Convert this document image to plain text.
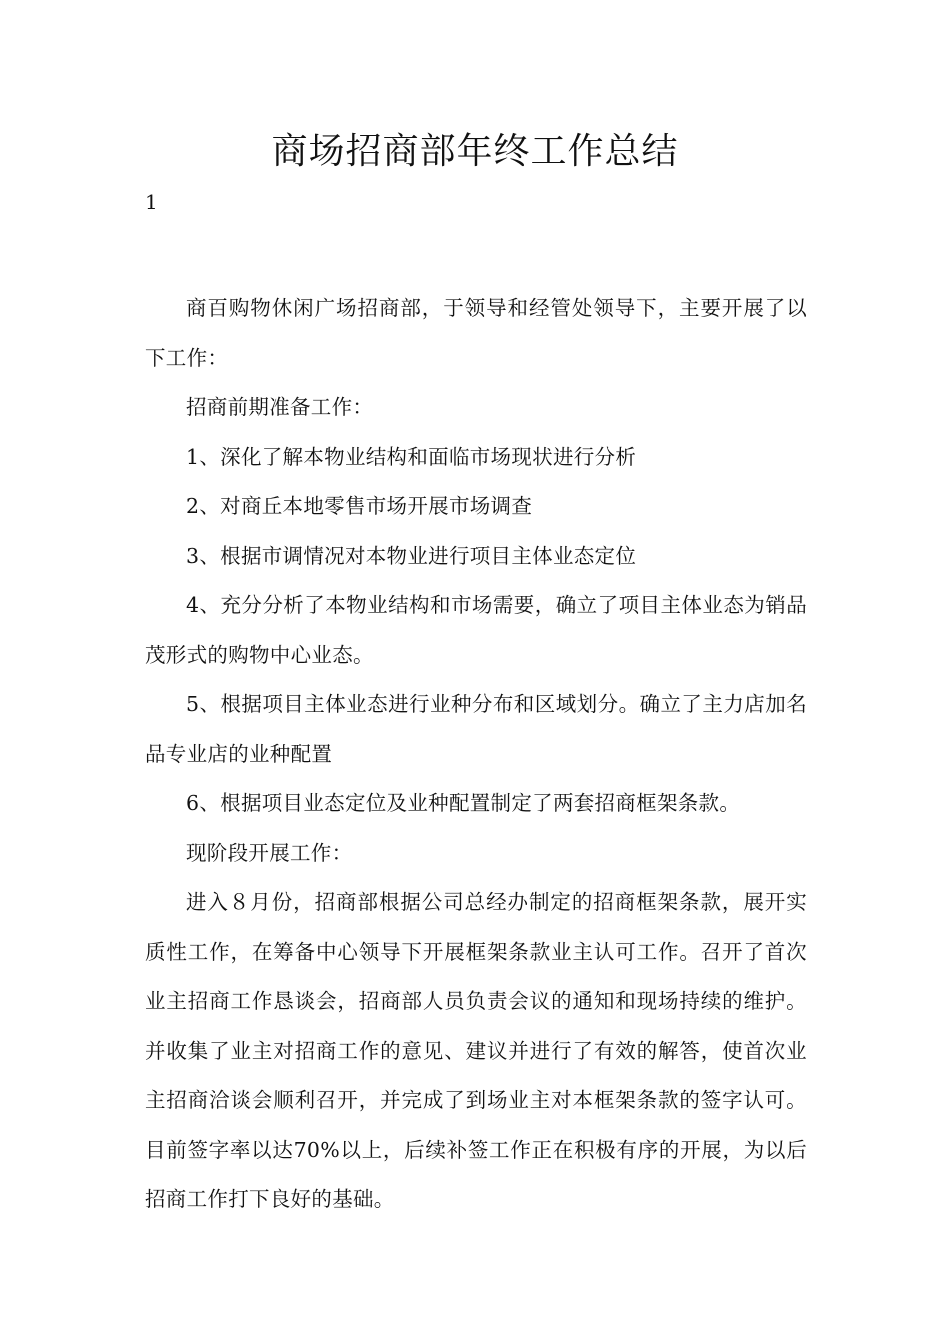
商场招商部年终工作总结
1

商百购物休闲广场招商部，于领导和经管处领导下，主要开展了以下工作：

招商前期准备工作：

1、深化了解本物业结构和面临市场现状进行分析

2、对商丘本地零售市场开展市场调查

3、根据市调情况对本物业进行项目主体业态定位

4、充分分析了本物业结构和市场需要，确立了项目主体业态为销品茂形式的购物中心业态。

5、根据项目主体业态进行业种分布和区域划分。确立了主力店加名品专业店的业种配置

6、根据项目业态定位及业种配置制定了两套招商框架条款。

现阶段开展工作：

进入８月份，招商部根据公司总经办制定的招商框架条款，展开实质性工作，在筹备中心领导下开展框架条款业主认可工作。召开了首次业主招商工作恳谈会，招商部人员负责会议的通知和现场持续的维护。并收集了业主对招商工作的意见、建议并进行了有效的解答，使首次业主招商洽谈会顺利召开，并完成了到场业主对本框架条款的签字认可。目前签字率以达70%以上，后续补签工作正在积极有序的开展，为以后招商工作打下良好的基础。
